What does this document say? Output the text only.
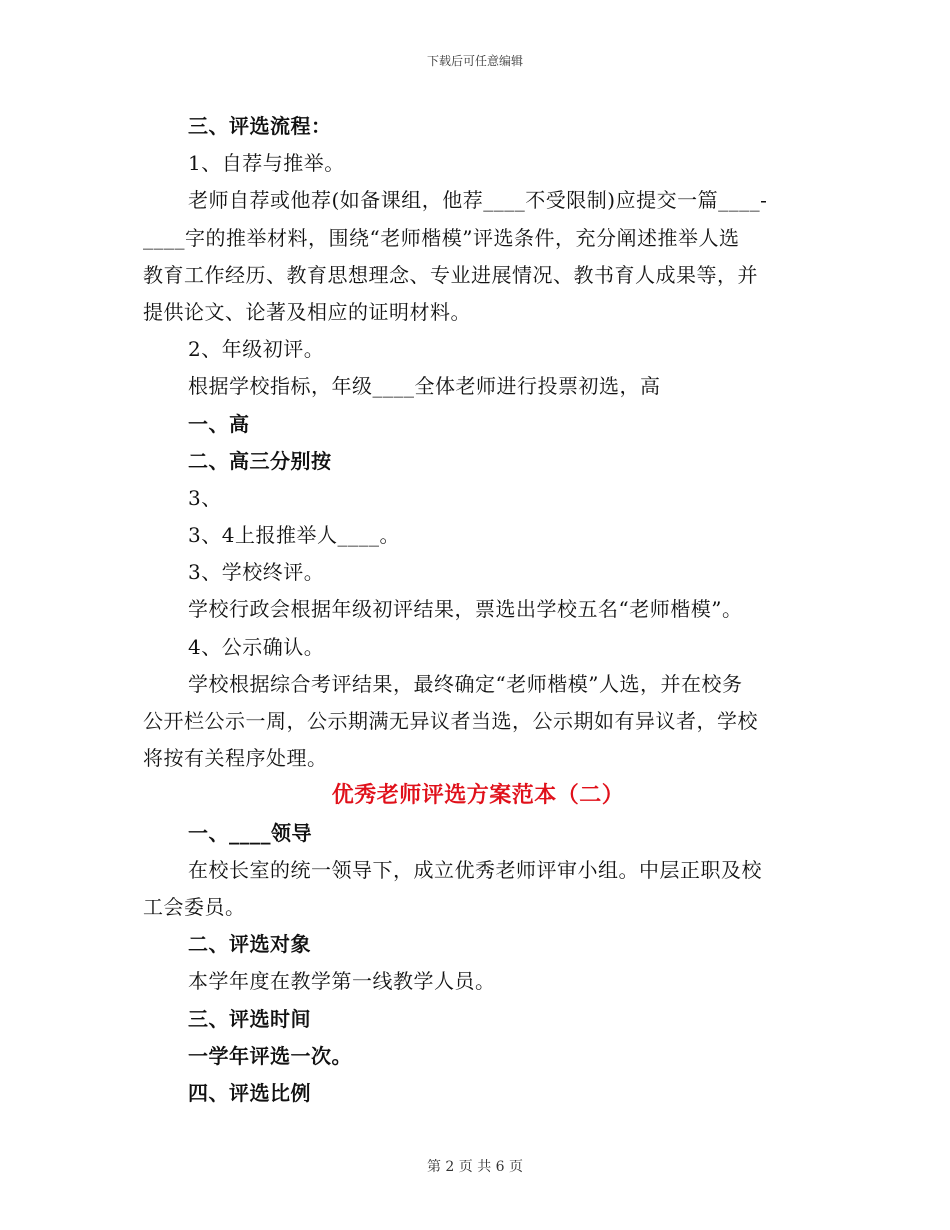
下载后可任意编辑
三、评选流程：
1、自荐与推举。
老师自荐或他荐(如备课组，他荐____不受限制)应提交一篇____-
____字的推举材料，围绕“老师楷模”评选条件，充分阐述推举人选
教育工作经历、教育思想理念、专业进展情况、教书育人成果等，并
提供论文、论著及相应的证明材料。
2、年级初评。
根据学校指标，年级____全体老师进行投票初选，高
一、高
二、高三分别按
3、
3、4上报推举人____。
3、学校终评。
学校行政会根据年级初评结果，票选出学校五名“老师楷模”。
4、公示确认。
学校根据综合考评结果，最终确定“老师楷模”人选，并在校务
公开栏公示一周，公示期满无异议者当选，公示期如有异议者，学校
将按有关程序处理。
优秀老师评选方案范本（二）
一、____领导
在校长室的统一领导下，成立优秀老师评审小组。中层正职及校
工会委员。
二、评选对象
本学年度在教学第一线教学人员。
三、评选时间
一学年评选一次。
四、评选比例
第 2 页 共 6 页
